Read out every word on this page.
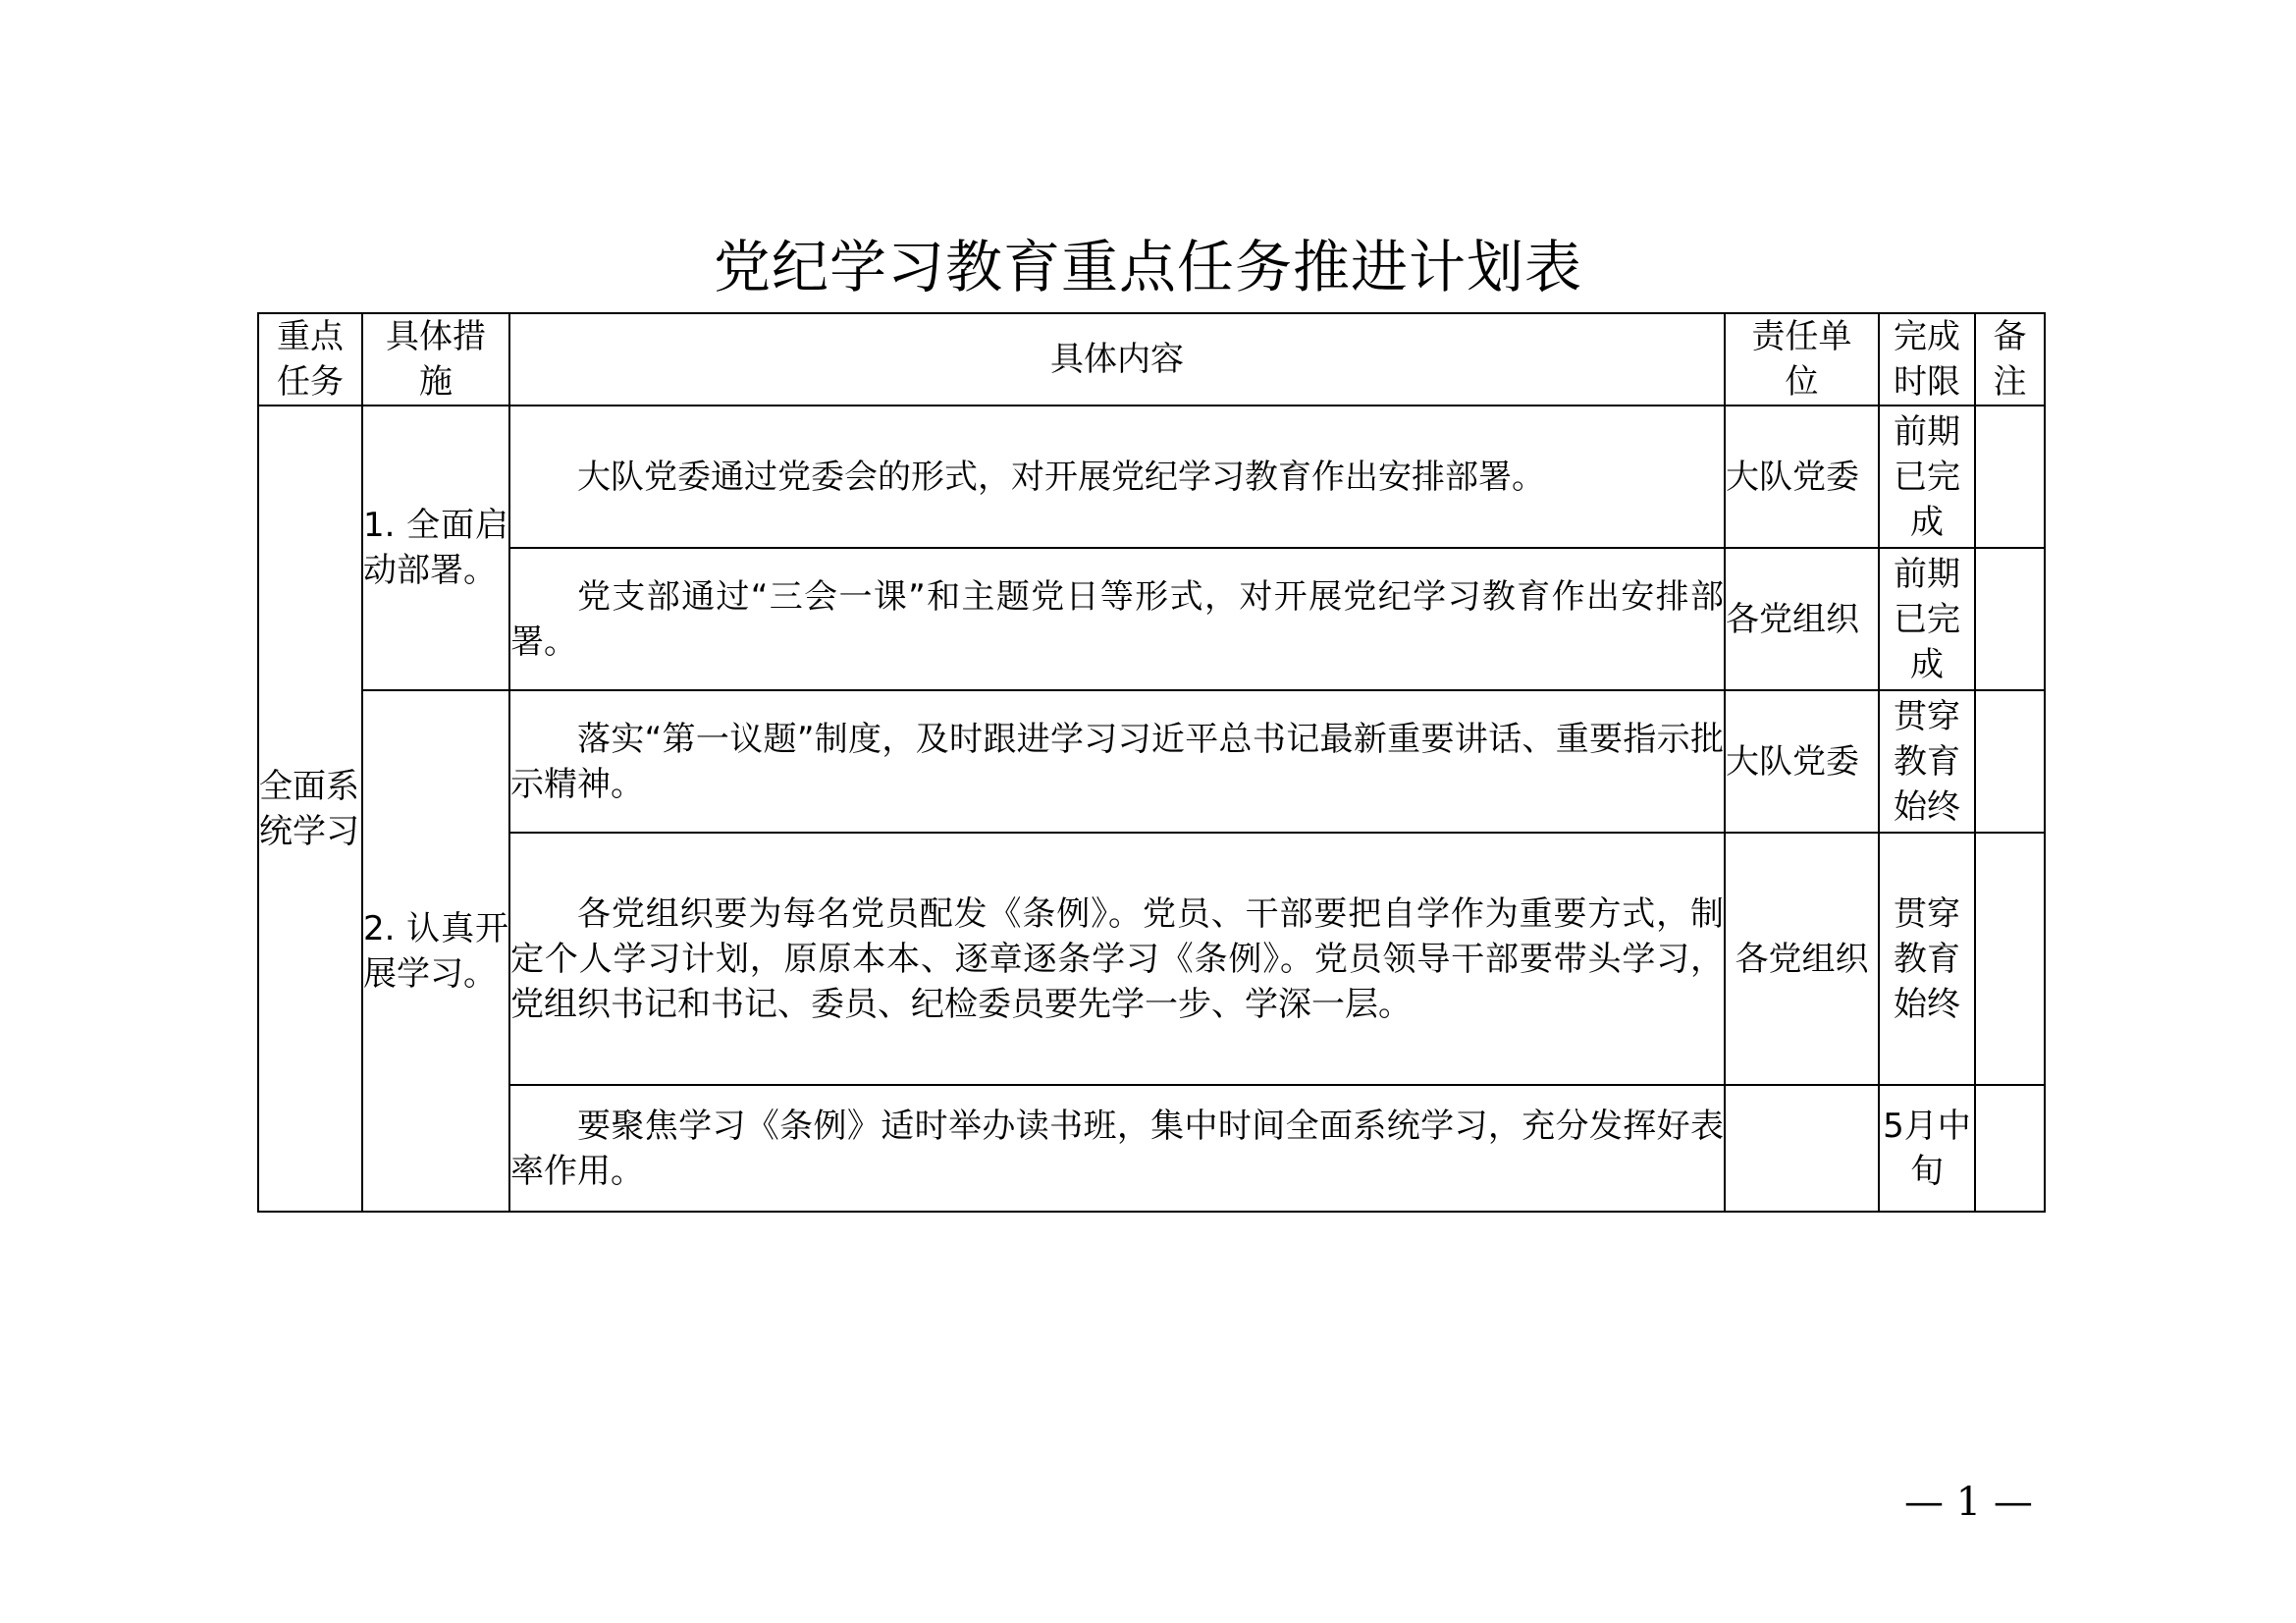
党纪学习教育重点任务推进计划表
重点任务	具体措施	具体内容	责任单位	完成时限	备注
全面系统学习	1. 全面启动部署。	大队党委通过党委会的形式，对开展党纪学习教育作出安排部署。	大队党委	前期已完成	

		党支部通过“三会一课”和主题党日等形式，对开展党纪学习教育作出安排部署。	各党组织	前期已完成	
	2. 认真开展学习。	落实“第一议题”制度，及时跟进学习习近平总书记最新重要讲话、重要指示批示精神。	大队党委	贯穿教育始终	

		各党组织要为每名党员配发《条例》。党员、干部要把自学作为重要方式，制定个人学习计划，原原本本、逐章逐条学习《条例》。党员领导干部要带头学习，党组织书记和书记、委员、纪检委员要先学一步、学深一层。	各党组织	贯穿教育始终	

		要聚焦学习《条例》适时举办读书班，集中时间全面系统学习，充分发挥好表率作用。		5月中旬	
— 1 —
